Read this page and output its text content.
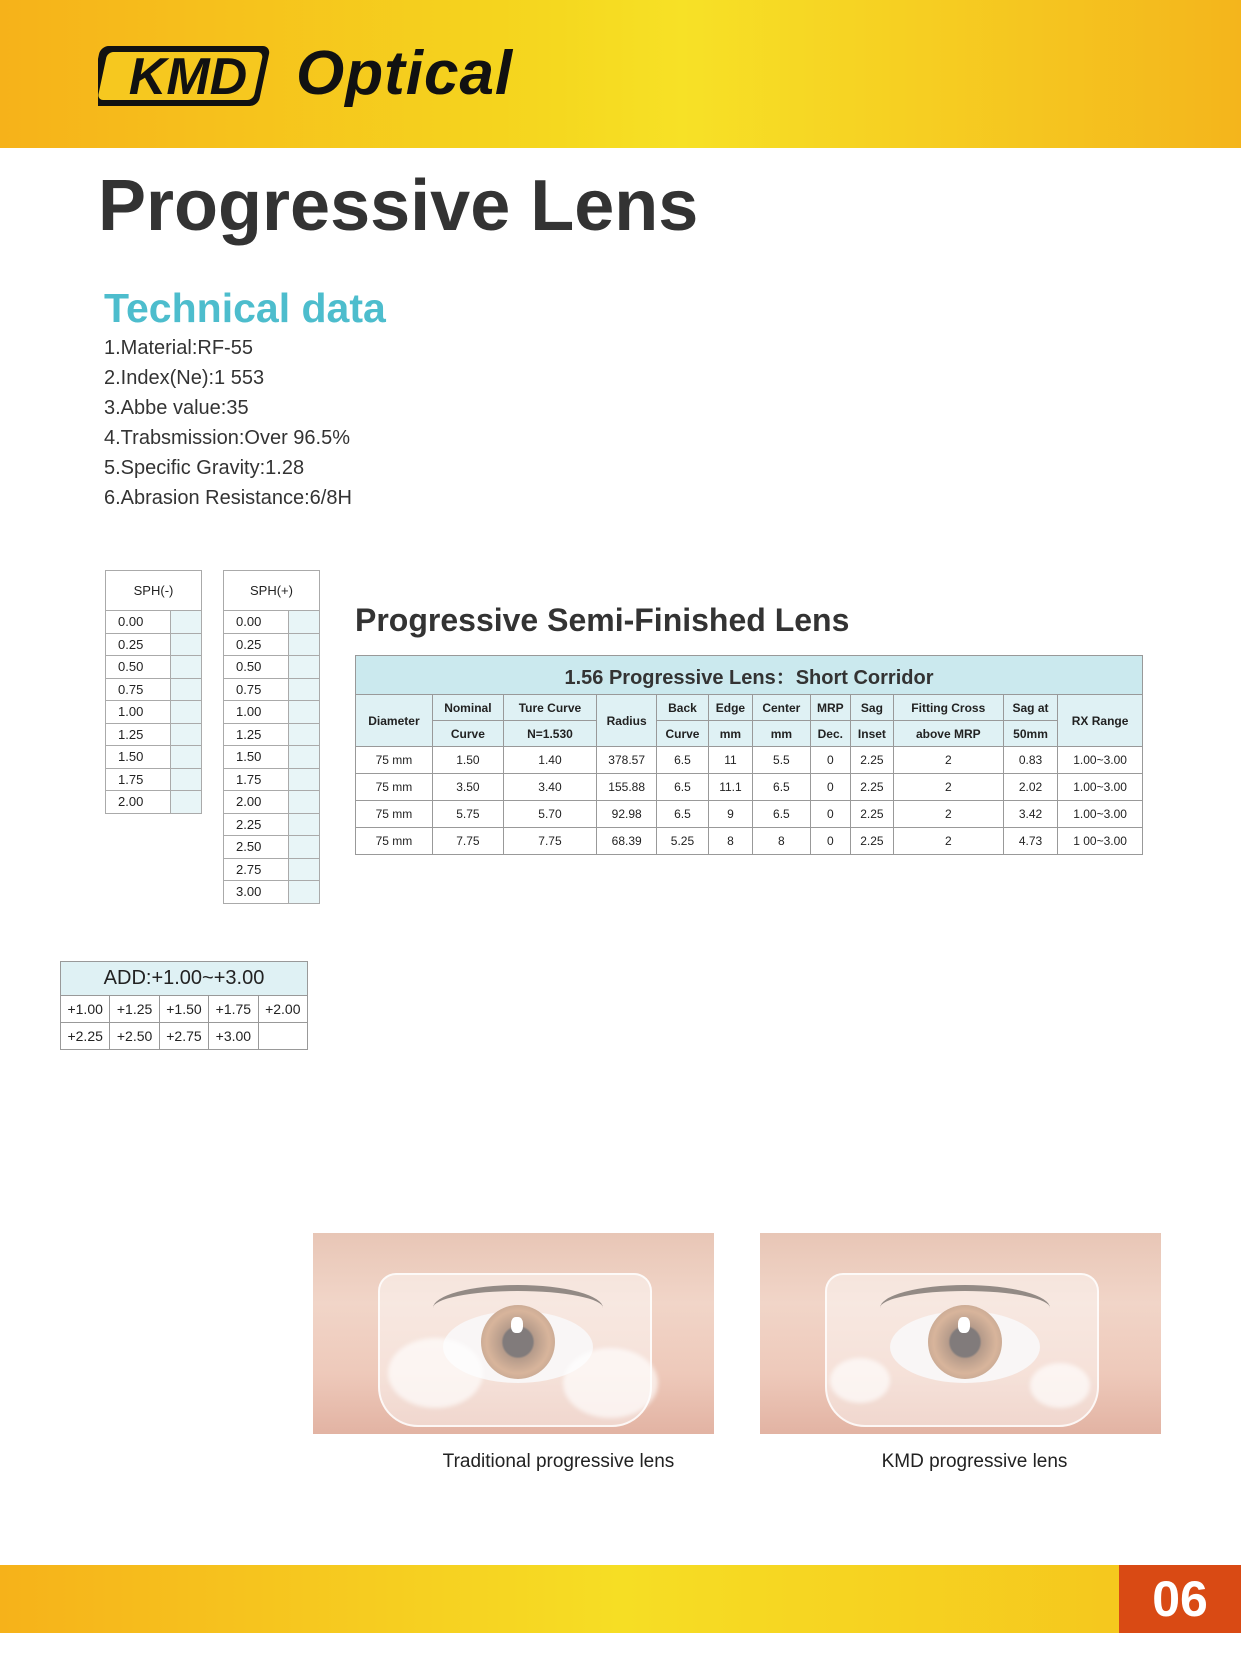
KMD Optical
Progressive Lens
Technical data
1.Material:RF-55
2.Index(Ne):1 553
3.Abbe value:35
4.Trabsmission:Over 96.5%
5.Specific Gravity:1.28
6.Abrasion Resistance:6/8H
SPH(-)	
0.00	
0.25	
0.50	
0.75	
1.00	
1.25	
1.50	
1.75	
2.00	
SPH(+)	
0.00	
0.25	
0.50	
0.75	
1.00	
1.25	
1.50	
1.75	
2.00	
2.25	
2.50	
2.75	
3.00	
Progressive Semi-Finished Lens
1.56 Progressive Lens：Short Corridor											
Diameter	Nominal	Ture Curve	Radius	Back	Edge	Center	MRP	Sag	Fitting Cross	Sag at	RX Range
	Curve	N=1.530		Curve	mm	mm	Dec.	Inset	above MRP	50mm	
75 mm	1.50	1.40	378.57	6.5	11	5.5	0	2.25	2	0.83	1.00~3.00
75 mm	3.50	3.40	155.88	6.5	11.1	6.5	0	2.25	2	2.02	1.00~3.00
75 mm	5.75	5.70	92.98	6.5	9	6.5	0	2.25	2	3.42	1.00~3.00
75 mm	7.75	7.75	68.39	5.25	8	8	0	2.25	2	4.73	1 00~3.00
ADD:+1.00~+3.00				
+1.00	+1.25	+1.50	+1.75	+2.00
+2.25	+2.50	+2.75	+3.00	
Traditional progressive lens	KMD progressive lens
06
